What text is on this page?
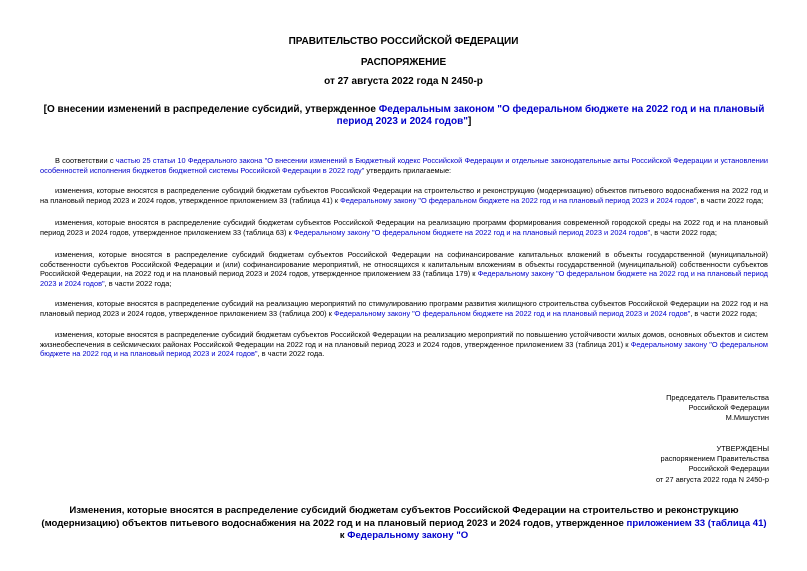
ПРАВИТЕЛЬСТВО РОССИЙСКОЙ ФЕДЕРАЦИИ
РАСПОРЯЖЕНИЕ
от 27 августа 2022 года N 2450-р
[О внесении изменений в распределение субсидий, утвержденное Федеральным законом "О федеральном бюджете на 2022 год и на плановый период 2023 и 2024 годов"]

В соответствии с частью 25 статьи 10 Федерального закона "О внесении изменений в Бюджетный кодекс Российской Федерации и отдельные законодательные акты Российской Федерации и установлении особенностей исполнения бюджетов бюджетной системы Российской Федерации в 2022 году" утвердить прилагаемые:

изменения, которые вносятся в распределение субсидий бюджетам субъектов Российской Федерации на строительство и реконструкцию (модернизацию) объектов питьевого водоснабжения на 2022 год и на плановый период 2023 и 2024 годов, утвержденное приложением 33 (таблица 41) к Федеральному закону "О федеральном бюджете на 2022 год и на плановый период 2023 и 2024 годов", в части 2022 года;

изменения, которые вносятся в распределение субсидий бюджетам субъектов Российской Федерации на реализацию программ формирования современной городской среды на 2022 год и на плановый период 2023 и 2024 годов, утвержденное приложением 33 (таблица 63) к Федеральному закону "О федеральном бюджете на 2022 год и на плановый период 2023 и 2024 годов", в части 2022 года;

изменения, которые вносятся в распределение субсидий бюджетам субъектов Российской Федерации на софинансирование капитальных вложений в объекты государственной (муниципальной) собственности субъектов Российской Федерации и (или) софинансирование мероприятий, не относящихся к капитальным вложениям в объекты государственной (муниципальной) собственности субъектов Российской Федерации, на 2022 год и на плановый период 2023 и 2024 годов, утвержденное приложением 33 (таблица 179) к Федеральному закону "О федеральном бюджете на 2022 год и на плановый период 2023 и 2024 годов", в части 2022 года;

изменения, которые вносятся в распределение субсидий на реализацию мероприятий по стимулированию программ развития жилищного строительства субъектов Российской Федерации на 2022 год и на плановый период 2023 и 2024 годов, утвержденное приложением 33 (таблица 200) к Федеральному закону "О федеральном бюджете на 2022 год и на плановый период 2023 и 2024 годов", в части 2022 года;

изменения, которые вносятся в распределение субсидий бюджетам субъектов Российской Федерации на реализацию мероприятий по повышению устойчивости жилых домов, основных объектов и систем жизнеобеспечения в сейсмических районах Российской Федерации на 2022 год и на плановый период 2023 и 2024 годов, утвержденное приложением 33 (таблица 201) к Федеральному закону "О федеральном бюджете на 2022 год и на плановый период 2023 и 2024 годов", в части 2022 года.

Председатель Правительства
Российской Федерации
М.Мишустин
УТВЕРЖДЕНЫ
распоряжением Правительства
Российской Федерации
от 27 августа 2022 года N 2450-р
Изменения, которые вносятся в распределение субсидий бюджетам субъектов Российской Федерации на строительство и реконструкцию (модернизацию) объектов питьевого водоснабжения на 2022 год и на плановый период 2023 и 2024 годов, утвержденное приложением 33 (таблица 41) к Федеральному закону "О
